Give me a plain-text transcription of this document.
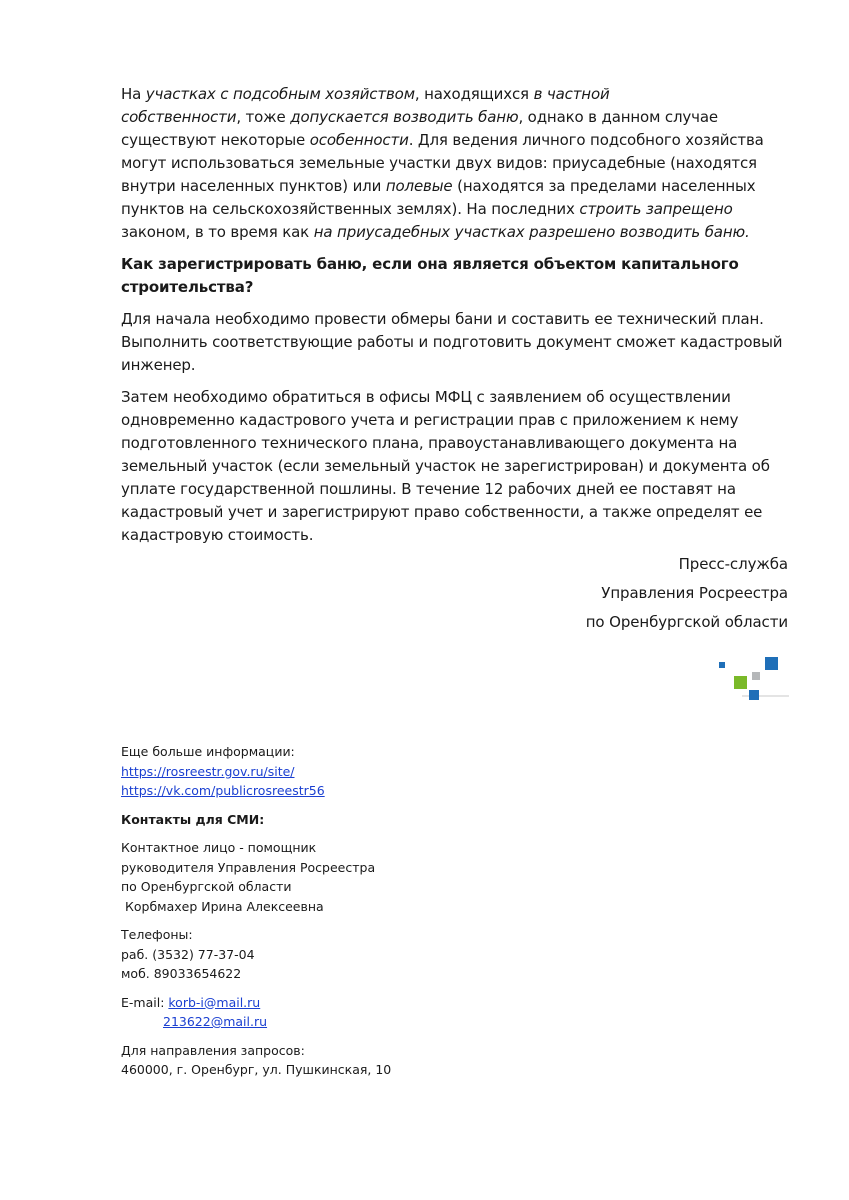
На участках с подсобным хозяйством, находящихся в частной
собственности, тоже допускается возводить баню, однако в данном случае
существуют некоторые особенности. Для ведения личного подсобного хозяйства
могут использоваться земельные участки двух видов: приусадебные (находятся
внутри населенных пунктов) или полевые (находятся за пределами населенных
пунктов на сельскохозяйственных землях). На последних строить запрещено
законом, в то время как на приусадебных участках разрешено возводить баню.
Как зарегистрировать баню, если она является объектом капитального
строительства?
Для начала необходимо провести обмеры бани и составить ее технический план.
Выполнить соответствующие работы и подготовить документ сможет кадастровый
инженер.
Затем необходимо обратиться в офисы МФЦ с заявлением об осуществлении
одновременно кадастрового учета и регистрации прав с приложением к нему
подготовленного технического плана, правоустанавливающего документа на
земельный участок (если земельный участок не зарегистрирован) и документа об
уплате государственной пошлины. В течение 12 рабочих дней ее поставят на
кадастровый учет и зарегистрируют право собственности, а также определят ее
кадастровую стоимость.
Пресс-служба
Управления Росреестра
по Оренбургской области
Еще больше информации:
https://rosreestr.gov.ru/site/
https://vk.com/publicrosreestr56
Контакты для СМИ:
Контактное лицо - помощник
руководителя Управления Росреестра
по Оренбургской области
Корбмахер Ирина Алексеевна
Телефоны:
раб. (3532) 77-37-04
моб. 89033654622
E-mail: korb-i@mail.ru
213622@mail.ru
Для направления запросов:
460000, г. Оренбург, ул. Пушкинская, 10
